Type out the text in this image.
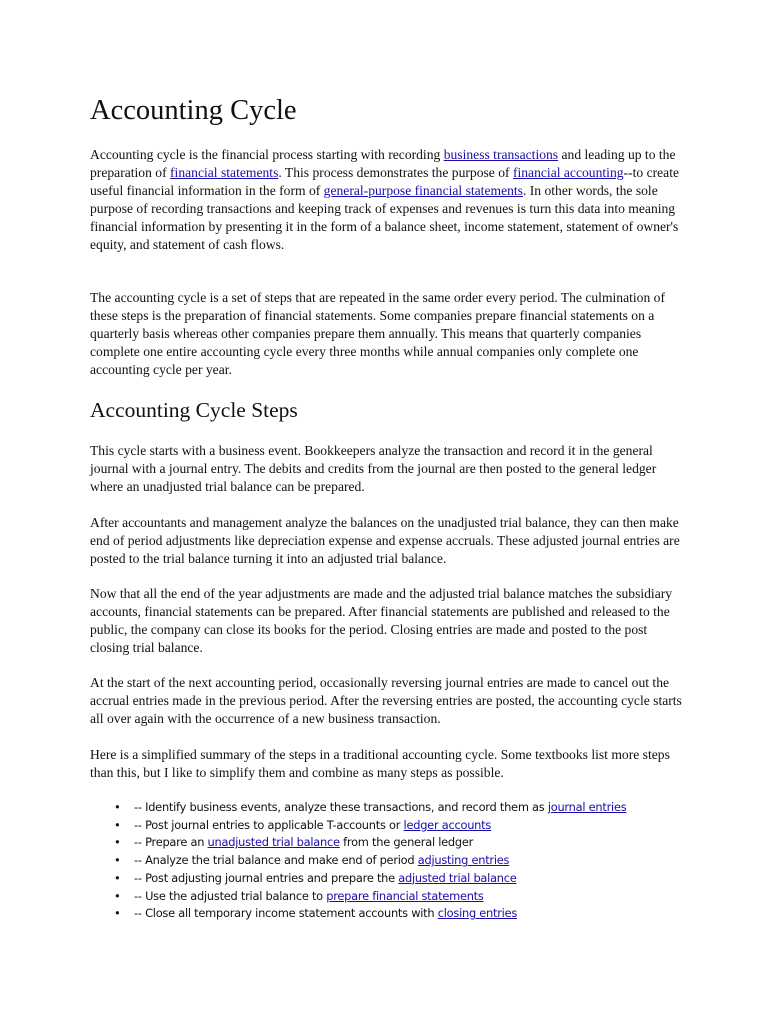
Accounting Cycle

Accounting cycle is the financial process starting with recording business transactions and leading up to the preparation of financial statements. This process demonstrates the purpose of financial accounting--to create useful financial information in the form of general-purpose financial statements. In other words, the sole purpose of recording transactions and keeping track of expenses and revenues is turn this data into meaning financial information by presenting it in the form of a balance sheet, income statement, statement of owner's equity, and statement of cash flows.

The accounting cycle is a set of steps that are repeated in the same order every period. The culmination of these steps is the preparation of financial statements. Some companies prepare financial statements on a quarterly basis whereas other companies prepare them annually. This means that quarterly companies complete one entire accounting cycle every three months while annual companies only complete one accounting cycle per year.

Accounting Cycle Steps

This cycle starts with a business event. Bookkeepers analyze the transaction and record it in the general journal with a journal entry. The debits and credits from the journal are then posted to the general ledger where an unadjusted trial balance can be prepared.

After accountants and management analyze the balances on the unadjusted trial balance, they can then make end of period adjustments like depreciation expense and expense accruals. These adjusted journal entries are posted to the trial balance turning it into an adjusted trial balance.

Now that all the end of the year adjustments are made and the adjusted trial balance matches the subsidiary accounts, financial statements can be prepared. After financial statements are published and released to the public, the company can close its books for the period. Closing entries are made and posted to the post closing trial balance.

At the start of the next accounting period, occasionally reversing journal entries are made to cancel out the accrual entries made in the previous period. After the reversing entries are posted, the accounting cycle starts all over again with the occurrence of a new business transaction.

Here is a simplified summary of the steps in a traditional accounting cycle. Some textbooks list more steps than this, but I like to simplify them and combine as many steps as possible.

• -- Identify business events, analyze these transactions, and record them as journal entries
• -- Post journal entries to applicable T-accounts or ledger accounts
• -- Prepare an unadjusted trial balance from the general ledger
• -- Analyze the trial balance and make end of period adjusting entries
• -- Post adjusting journal entries and prepare the adjusted trial balance
• -- Use the adjusted trial balance to prepare financial statements
• -- Close all temporary income statement accounts with closing entries
